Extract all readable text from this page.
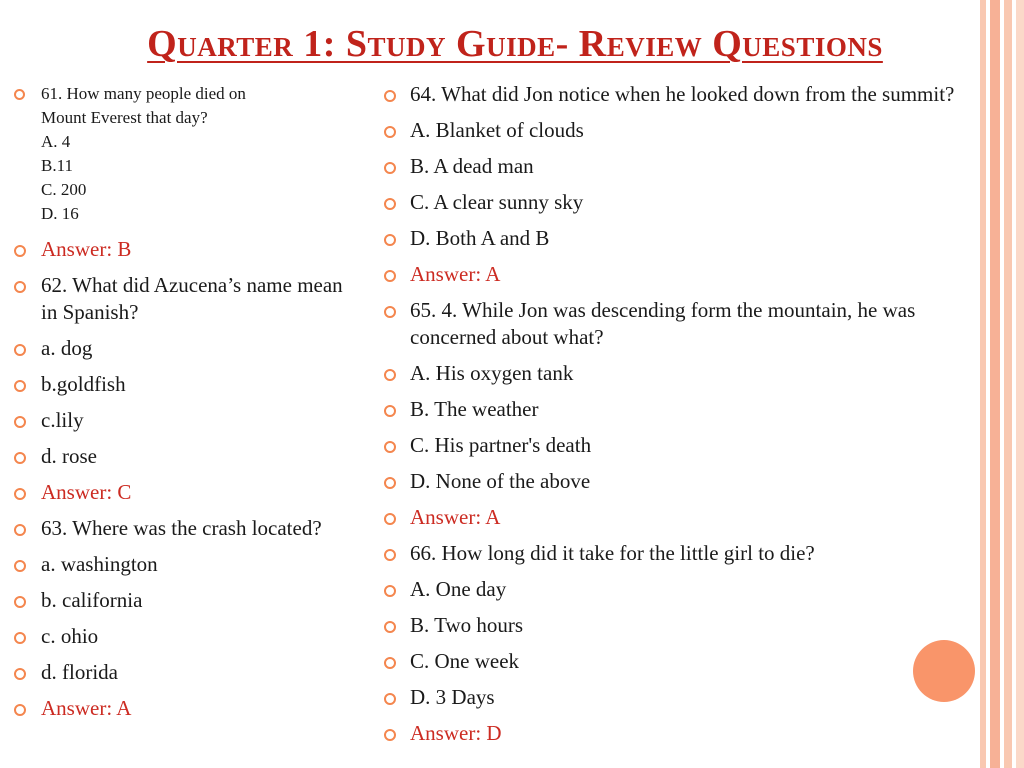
Quarter 1: Study Guide- Review Questions
61. How many people died on
Mount Everest that day?
A. 4
B.11
C. 200
D. 16
Answer: B
62. What did Azucena’s name mean in Spanish?
a. dog
b.goldfish
c.lily
d. rose
Answer: C
63. Where was the crash located?
a. washington
b. california
c. ohio
d. florida
Answer: A
64. What did Jon notice when he looked down from the summit?
A. Blanket of clouds
B. A dead man
C. A clear sunny sky
D. Both A and B
Answer: A
65. 4. While Jon was descending form the mountain, he was concerned about what?
A. His oxygen tank
B. The weather
C. His partner's death
D. None of the above
Answer: A
66. How long did it take for the little girl to die?
A. One day
B. Two hours
C. One week
D. 3 Days
Answer: D
